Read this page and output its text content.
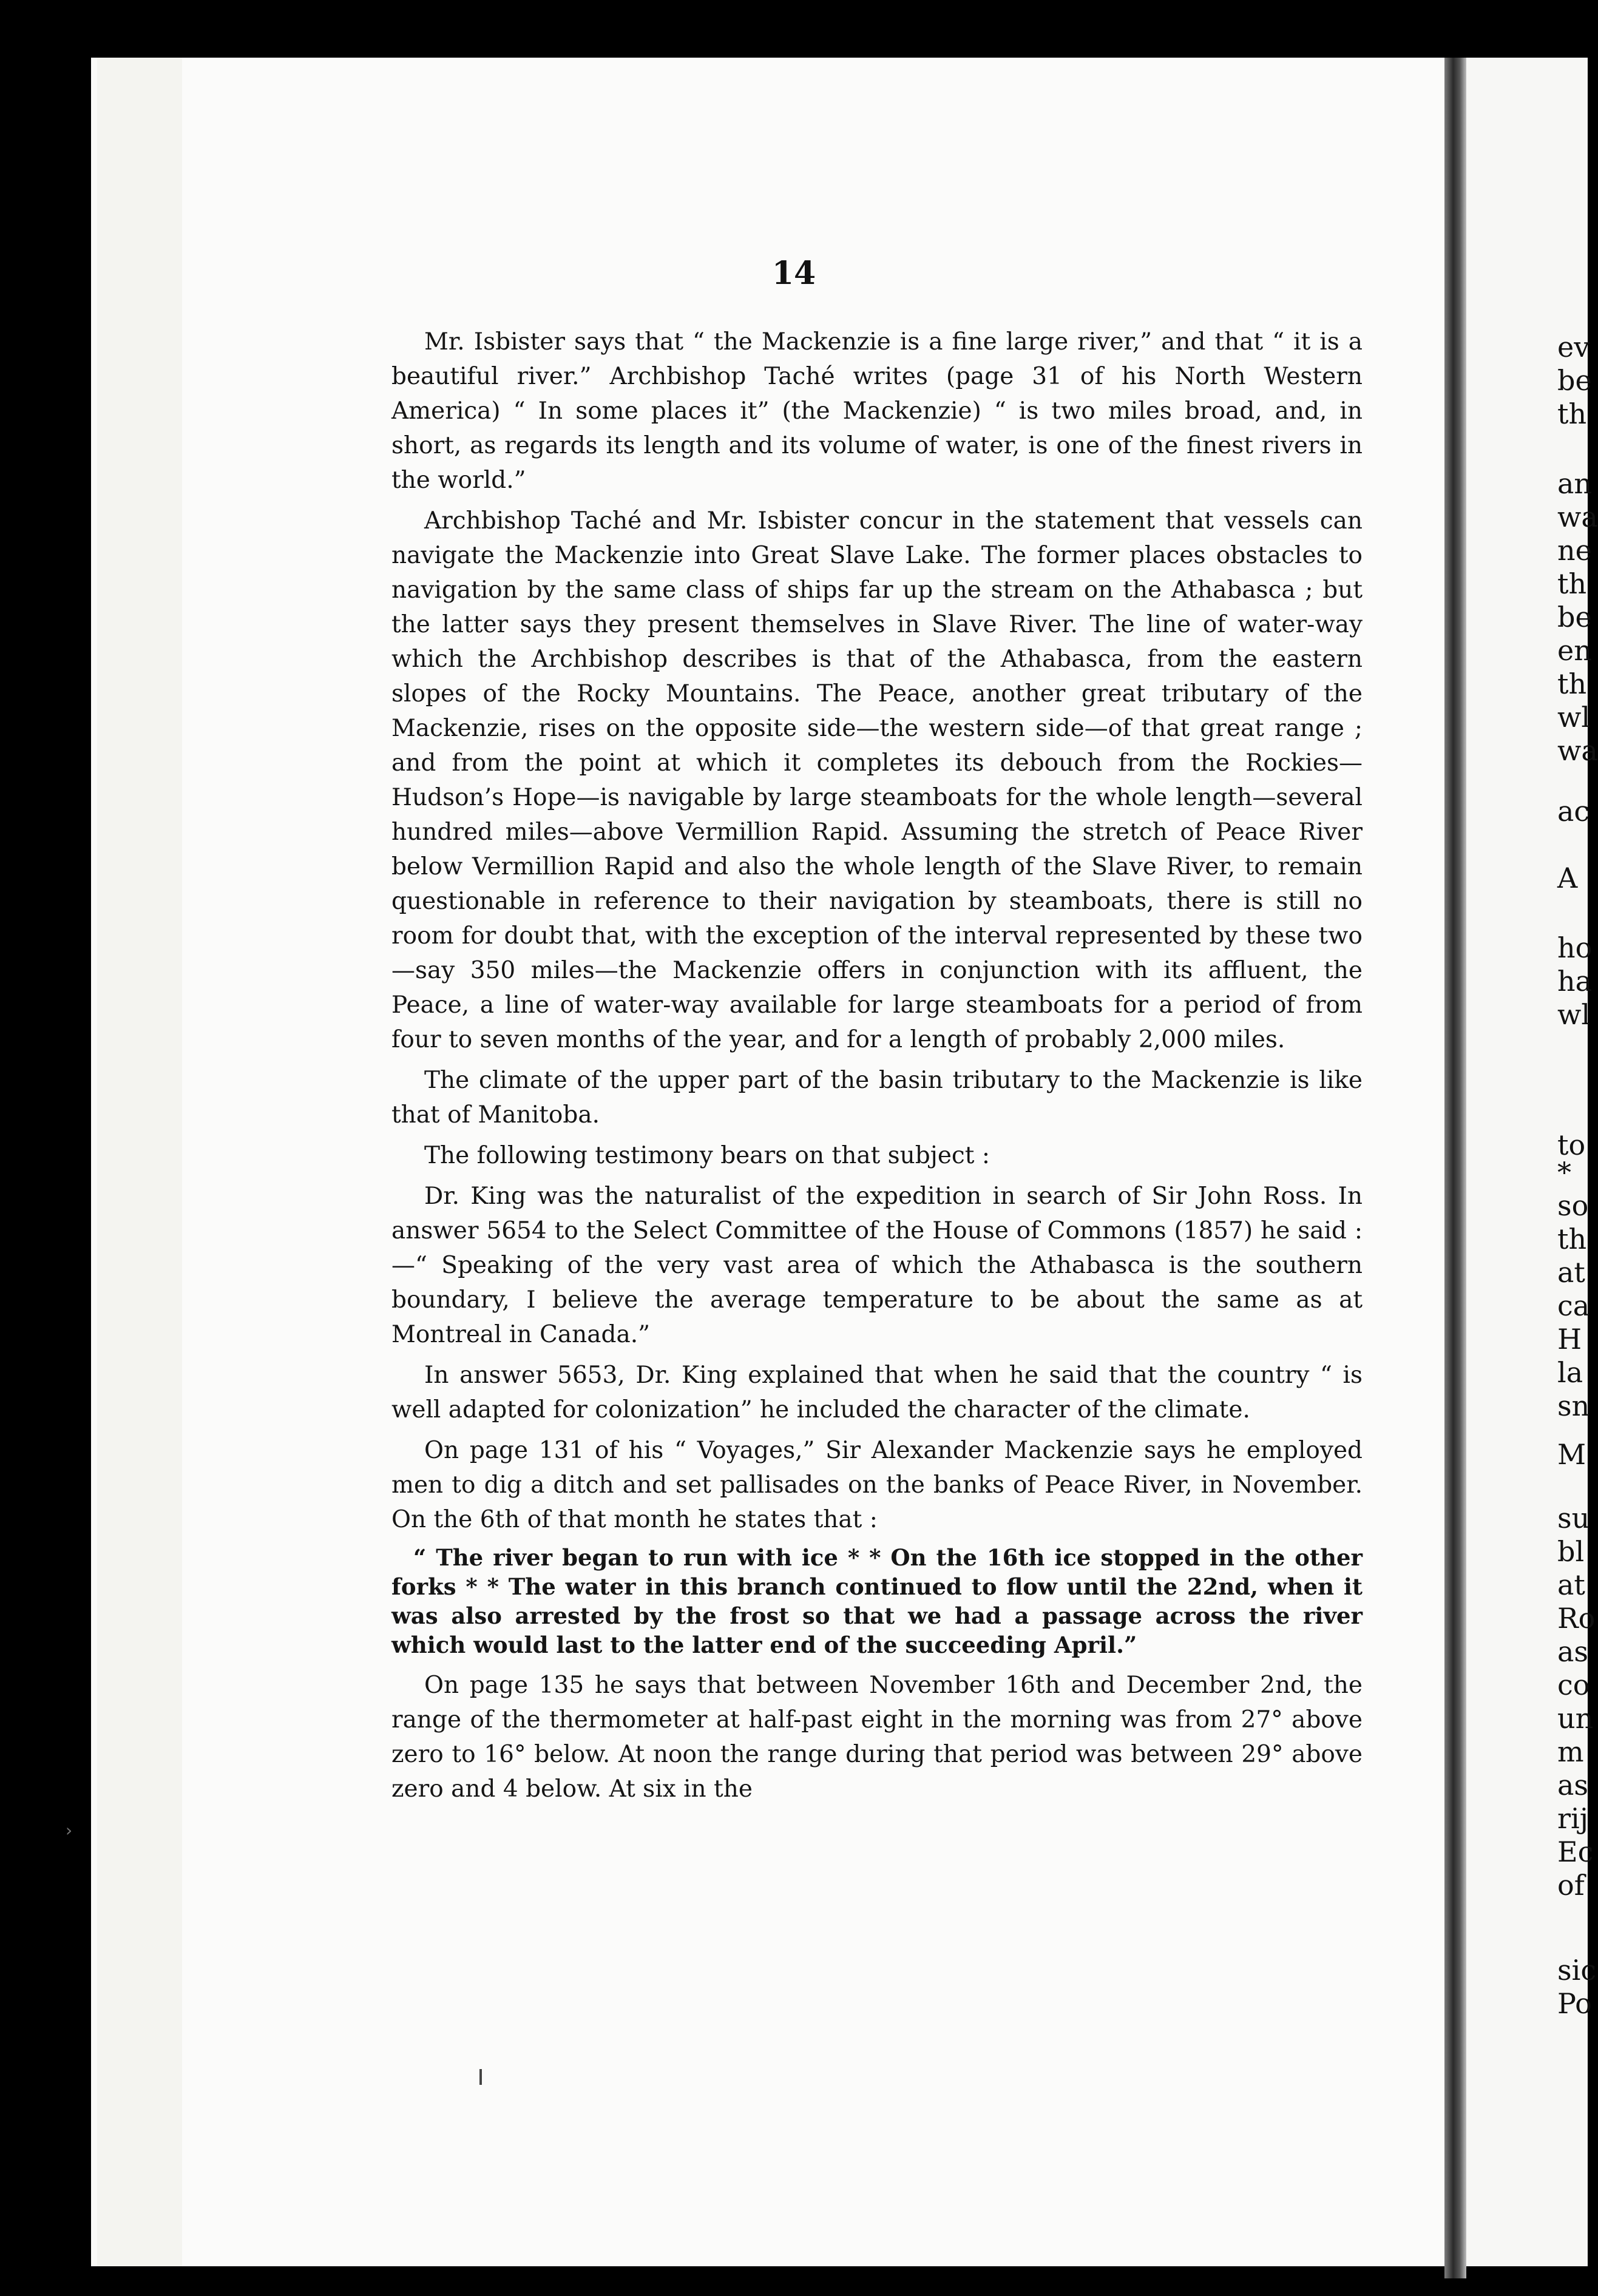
14

Mr. Isbister says that “ the Mackenzie is a fine large river,” and that “ it is a beautiful river.” Archbishop Taché writes (page 31 of his North Western America) “ In some places it” (the Mackenzie) “ is two miles broad, and, in short, as regards its length and its volume of water, is one of the finest rivers in the world.”

Archbishop Taché and Mr. Isbister concur in the statement that vessels can navigate the Mackenzie into Great Slave Lake. The former places obstacles to navigation by the same class of ships far up the stream on the Athabasca ; but the latter says they present themselves in Slave River. The line of water-way which the Archbishop describes is that of the Athabasca, from the eastern slopes of the Rocky Mountains. The Peace, another great tributary of the Mackenzie, rises on the opposite side—the western side—of that great range ; and from the point at which it completes its debouch from the Rockies—Hudson’s Hope—is navigable by large steamboats for the whole length—several hundred miles—above Vermillion Rapid. Assuming the stretch of Peace River below Vermillion Rapid and also the whole length of the Slave River, to remain questionable in reference to their navigation by steamboats, there is still no room for doubt that, with the exception of the interval represented by these two—say 350 miles—the Mackenzie offers in conjunction with its affluent, the Peace, a line of water-way available for large steamboats for a period of from four to seven months of the year, and for a length of probably 2,000 miles.

The climate of the upper part of the basin tributary to the Mackenzie is like that of Manitoba.

The following testimony bears on that subject :

Dr. King was the naturalist of the expedition in search of Sir John Ross. In answer 5654 to the Select Committee of the House of Commons (1857) he said :—“ Speaking of the very vast area of which the Athabasca is the southern boundary, I believe the average temperature to be about the same as at Montreal in Canada.”

In answer 5653, Dr. King explained that when he said that the country “ is well adapted for colonization” he included the character of the climate.

On page 131 of his “ Voyages,” Sir Alexander Mackenzie says he employed men to dig a ditch and set pallisades on the banks of Peace River, in November. On the 6th of that month he states that :

“ The river began to run with ice * * On the 16th ice stopped in the other forks * * The water in this branch continued to flow until the 22nd, when it was also arrested by the frost so that we had a passage across the river which would last to the latter end of the succeeding April.”

On page 135 he says that between November 16th and December 2nd, the range of the thermometer at half-past eight in the morning was from 27° above zero to 16° below. At noon the range during that period was between 29° above zero and 4 below. At six in the

›
ev
be
th
an
wa
ne
th
be
en
th
wl
wa
ac
A
ho
ha
wl
to
*
so
th
at
ca
H
la
sn
M
su
bl
at
Ro
as
co
un
m
as
rij
Ec
of
sic
Po
